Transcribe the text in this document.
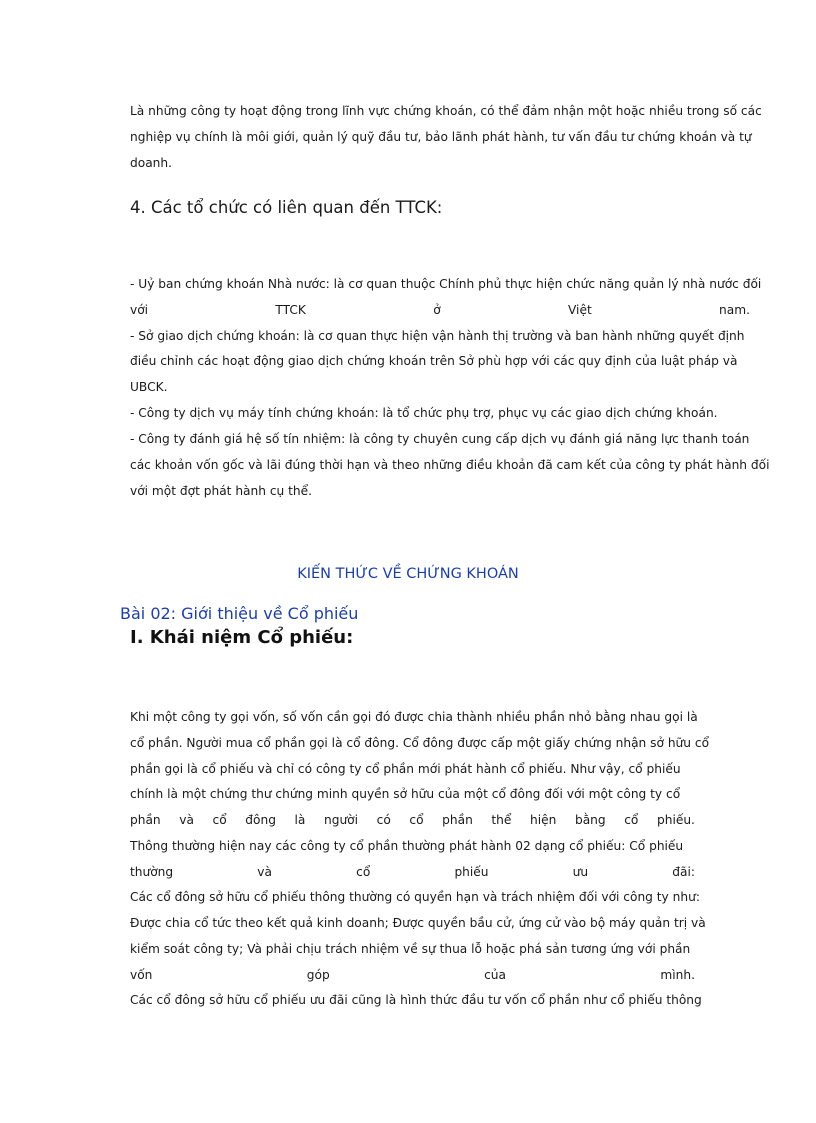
Là những công ty hoạt động trong lĩnh vực chứng khoán, có thể đảm nhận một hoặc nhiều trong số các
nghiệp vụ chính là môi giới, quản lý quỹ đầu tư, bảo lãnh phát hành, tư vấn đầu tư chứng khoán và tự
doanh.
4. Các tổ chức có liên quan đến TTCK:
- Uỷ ban chứng khoán Nhà nước: là cơ quan thuộc Chính phủ thực hiện chức năng quản lý nhà nước đối
với	TTCK	ở	Việt	nam.
- Sở giao dịch chứng khoán: là cơ quan thực hiện vận hành thị trường và ban hành những quyết định
điều chỉnh các hoạt động giao dịch chứng khoán trên Sở phù hợp với các quy định của luật pháp và
UBCK.
- Công ty dịch vụ máy tính chứng khoán: là tổ chức phụ trợ, phục vụ các giao dịch chứng khoán.
- Công ty đánh giá hệ số tín nhiệm: là công ty chuyên cung cấp dịch vụ đánh giá năng lực thanh toán
các khoản vốn gốc và lãi đúng thời hạn và theo những điều khoản đã cam kết của công ty phát hành đối
với một đợt phát hành cụ thể.
KIẾN THỨC VỀ CHỨNG KHOÁN
Bài 02: Giới thiệu về Cổ phiếu
I. Khái niệm Cổ phiếu:
Khi một công ty gọi vốn, số vốn cần gọi đó được chia thành nhiều phần nhỏ bằng nhau gọi là
cổ phần. Người mua cổ phần gọi là cổ đông. Cổ đông được cấp một giấy chứng nhận sở hữu cổ
phần gọi là cổ phiếu và chỉ có công ty cổ phần mới phát hành cổ phiếu. Như vậy, cổ phiếu
chính là một chứng thư chứng minh quyền sở hữu của một cổ đông đối với một công ty cổ
phần và cổ đông là người có cổ phần thể hiện bằng cổ phiếu.
Thông thường hiện nay các công ty cổ phần thường phát hành 02 dạng cổ phiếu: Cổ phiếu
thường	và	cổ	phiếu	ưu	đãi:
Các cổ đông sở hữu cổ phiếu thông thường có quyền hạn và trách nhiệm đối với công ty như:
Được chia cổ tức theo kết quả kinh doanh; Được quyền bầu cử, ứng cử vào bộ máy quản trị và
kiểm soát công ty; Và phải chịu trách nhiệm về sự thua lỗ hoặc phá sản tương ứng với phần
vốn	góp	của	mình.
Các cổ đông sở hữu cổ phiếu ưu đãi cũng là hình thức đầu tư vốn cổ phần như cổ phiếu thông
